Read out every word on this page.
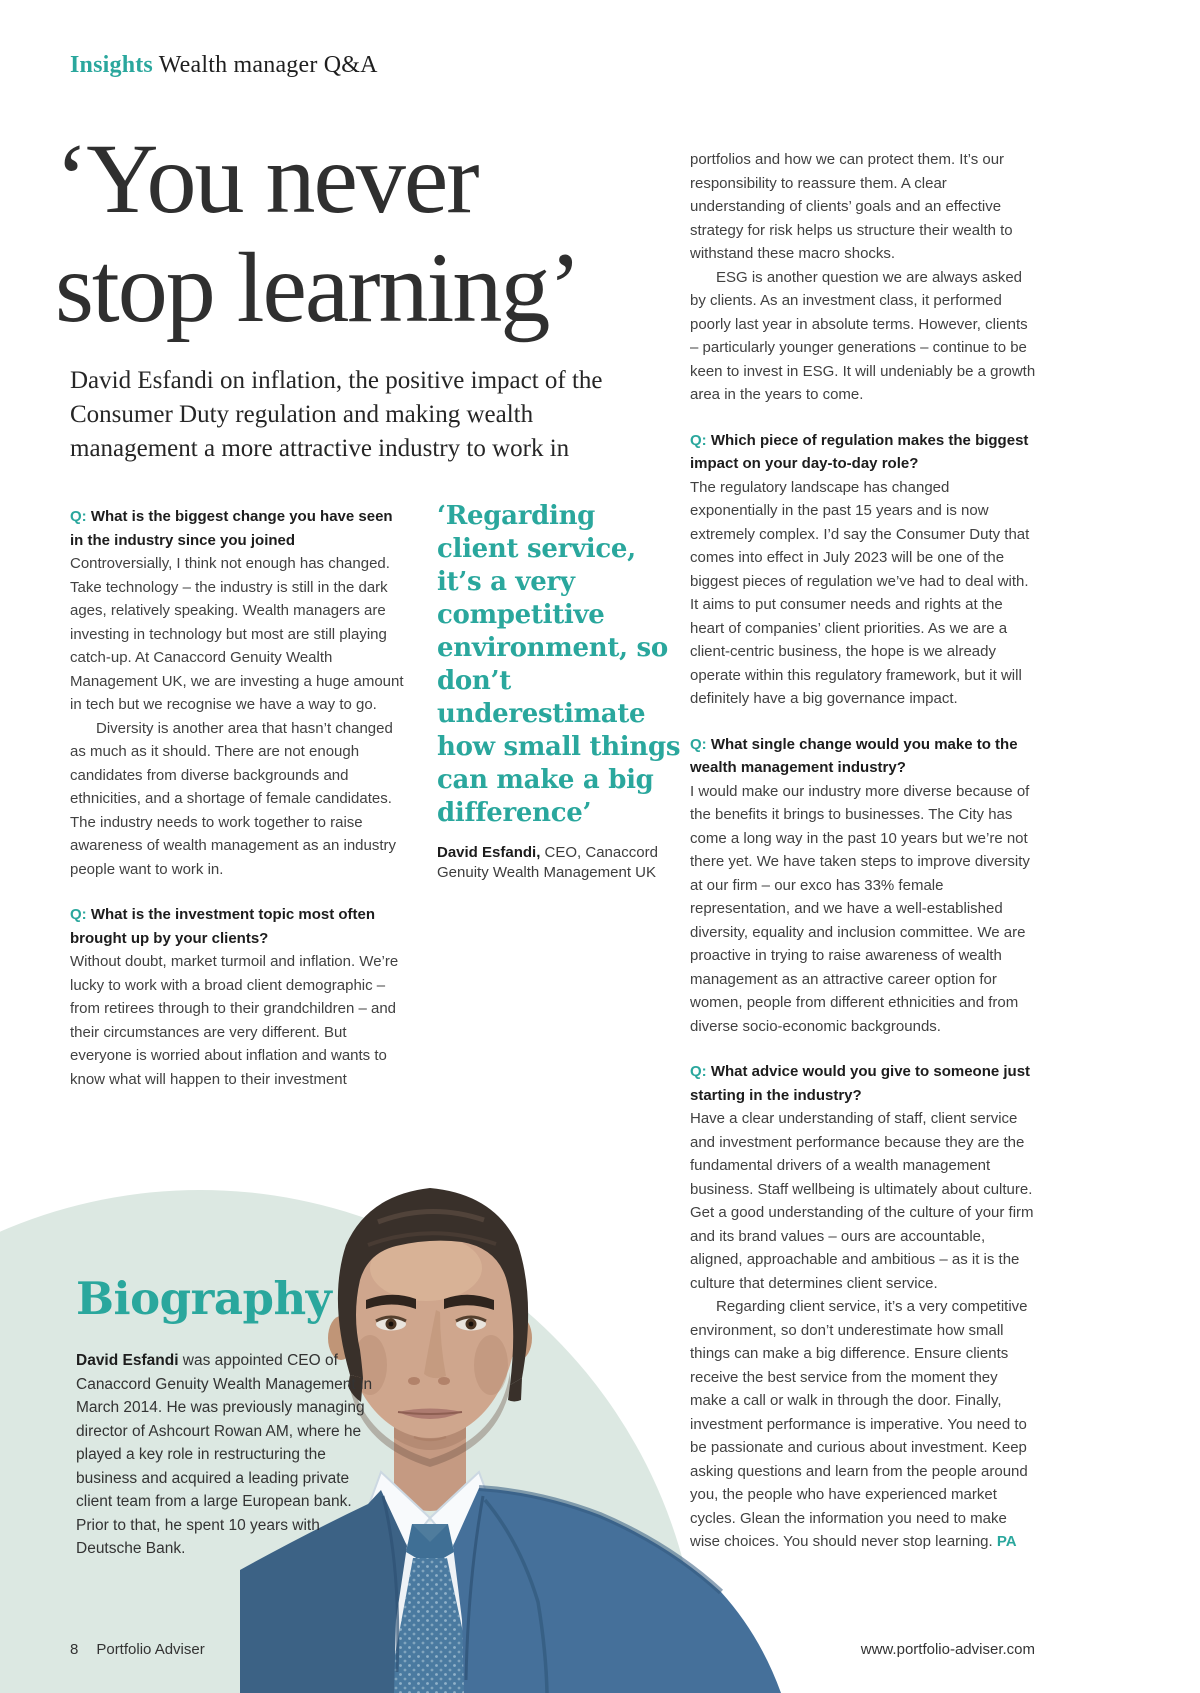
Insights Wealth manager Q&A
‘You never
stop learning’
David Esfandi on inflation, the positive impact of the Consumer Duty regulation and making wealth management a more attractive industry to work in

Q: What is the biggest change you have seen in the industry since you joined

Controversially, I think not enough has changed. Take technology – the industry is still in the dark ages, relatively speaking. Wealth managers are investing in technology but most are still playing catch-up. At Canaccord Genuity Wealth Management UK, we are investing a huge amount in tech but we recognise we have a way to go.

Diversity is another area that hasn’t changed as much as it should. There are not enough candidates from diverse backgrounds and ethnicities, and a shortage of female candidates. The industry needs to work together to raise awareness of wealth management as an industry people want to work in.

Q: What is the investment topic most often brought up by your clients?

Without doubt, market turmoil and inflation. We’re lucky to work with a broad client demographic – from retirees through to their grandchildren – and their circumstances are very different. But everyone is worried about inflation and wants to know what will happen to their investment

‘Regarding client service, it’s a very competitive environment, so don’t underestimate how small things can make a big difference’
David Esfandi, CEO, Canaccord Genuity Wealth Management UK

portfolios and how we can protect them. It’s our responsibility to reassure them. A clear understanding of clients’ goals and an effective strategy for risk helps us structure their wealth to withstand these macro shocks.

ESG is another question we are always asked by clients. As an investment class, it performed poorly last year in absolute terms. However, clients – particularly younger generations – continue to be keen to invest in ESG. It will undeniably be a growth area in the years to come.

Q: Which piece of regulation makes the biggest impact on your day-to-day role?

The regulatory landscape has changed exponentially in the past 15 years and is now extremely complex. I’d say the Consumer Duty that comes into effect in July 2023 will be one of the biggest pieces of regulation we’ve had to deal with. It aims to put consumer needs and rights at the heart of companies’ client priorities. As we are a client-centric business, the hope is we already operate within this regulatory framework, but it will definitely have a big governance impact.

Q: What single change would you make to the wealth management industry?

I would make our industry more diverse because of the benefits it brings to businesses. The City has come a long way in the past 10 years but we’re not there yet. We have taken steps to improve diversity at our firm – our exco has 33% female representation, and we have a well-established diversity, equality and inclusion committee. We are proactive in trying to raise awareness of wealth management as an attractive career option for women, people from different ethnicities and from diverse socio-economic backgrounds.

Q: What advice would you give to someone just starting in the industry?

Have a clear understanding of staff, client service and investment performance because they are the fundamental drivers of a wealth management business. Staff wellbeing is ultimately about culture. Get a good understanding of the culture of your firm and its brand values – ours are accountable, aligned, approachable and ambitious – as it is the culture that determines client service.

Regarding client service, it’s a very competitive environment, so don’t underestimate how small things can make a big difference. Ensure clients receive the best service from the moment they make a call or walk in through the door. Finally, investment performance is imperative. You need to be passionate and curious about investment. Keep asking questions and learn from the people around you, the people who have experienced market cycles. Glean the information you need to make wise choices. You should never stop learning. PA

Biography
David Esfandi was appointed CEO of Canaccord Genuity Wealth Management in March 2014. He was previously managing director of Ashcourt Rowan AM, where he played a key role in restructuring the business and acquired a leading private client team from a large European bank. Prior to that, he spent 10 years with Deutsche Bank.
8 Portfolio Adviser	www.portfolio-adviser.com
